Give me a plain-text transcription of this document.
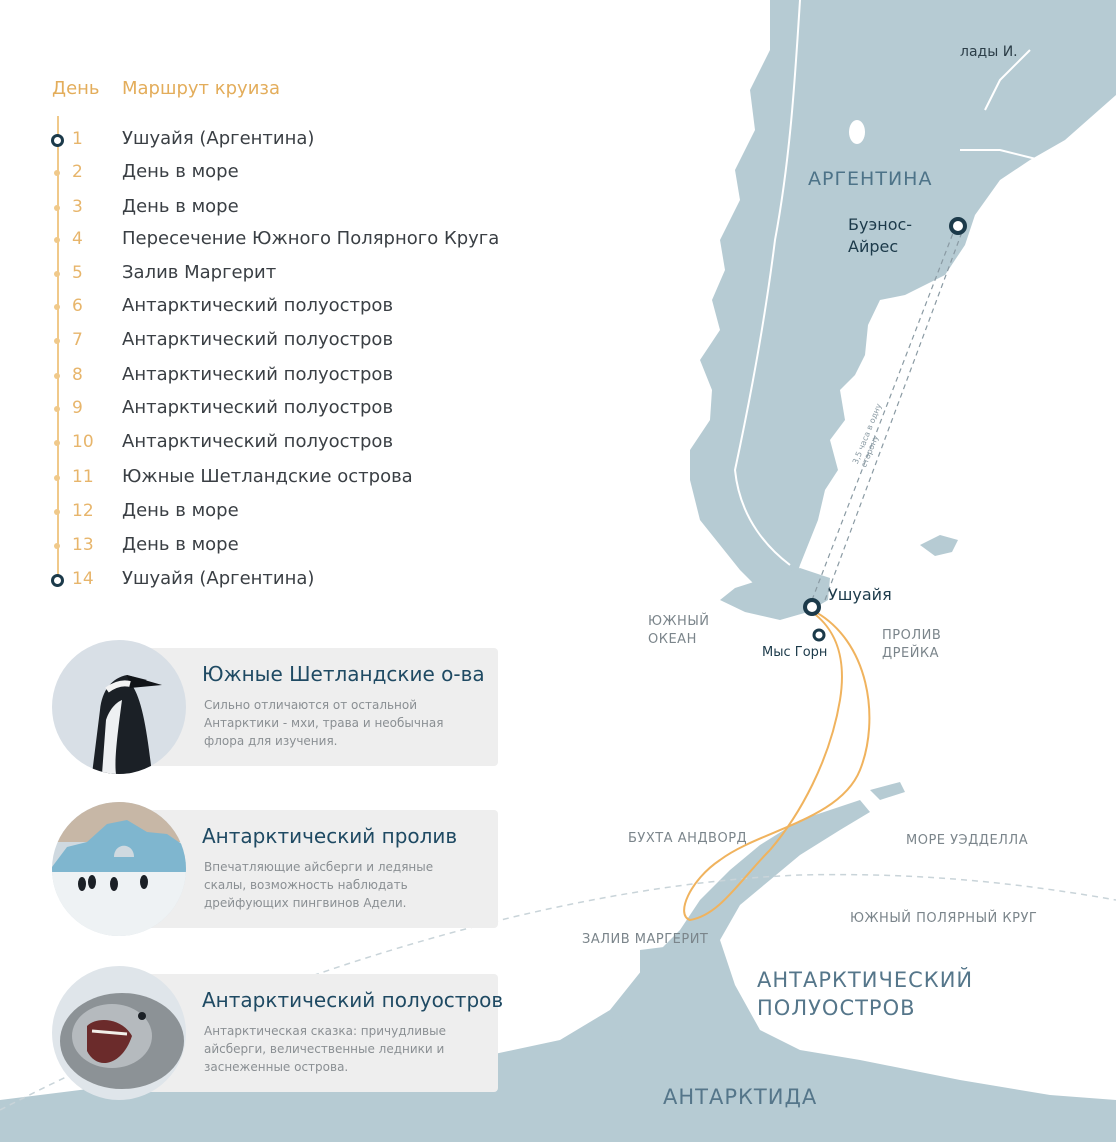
лады И.
АРГЕНТИНА
Буэнос-Айрес
Ушуайя
Мыс Горн
ЮЖНЫЙ ОКЕАН	ПРОЛИВ ДРЕЙКА
3,5 часа в одну сторону
БУХТА АНДВОРД	МОРЕ УЭДДЕЛЛА
ЮЖНЫЙ ПОЛЯРНЫЙ КРУГ
ЗАЛИВ МАРГЕРИТ
АНТАРКТИЧЕСКИЙ ПОЛУОСТРОВ
АНТАРКТИДА
День Маршрут круиза
1 Ушуайя (Аргентина)
2 День в море
3 День в море
4 Пересечение Южного Полярного Круга
5 Залив Маргерит
6 Антарктический полуостров
7 Антарктический полуостров
8 Антарктический полуостров
9 Антарктический полуостров
10 Антарктический полуостров
11 Южные Шетландские острова
12 День в море
13 День в море
14 Ушуайя (Аргентина)
Южные Шетландские о-ва
Сильно отличаются от остальной Антарктики - мхи, трава и необычная флора для изучения.
Антарктический пролив
Впечатляющие айсберги и ледяные скалы, возможность наблюдать дрейфующих пингвинов Адели.
Антарктический полуостров
Антарктическая сказка: причудливые айсберги, величественные ледники и заснеженные острова.
